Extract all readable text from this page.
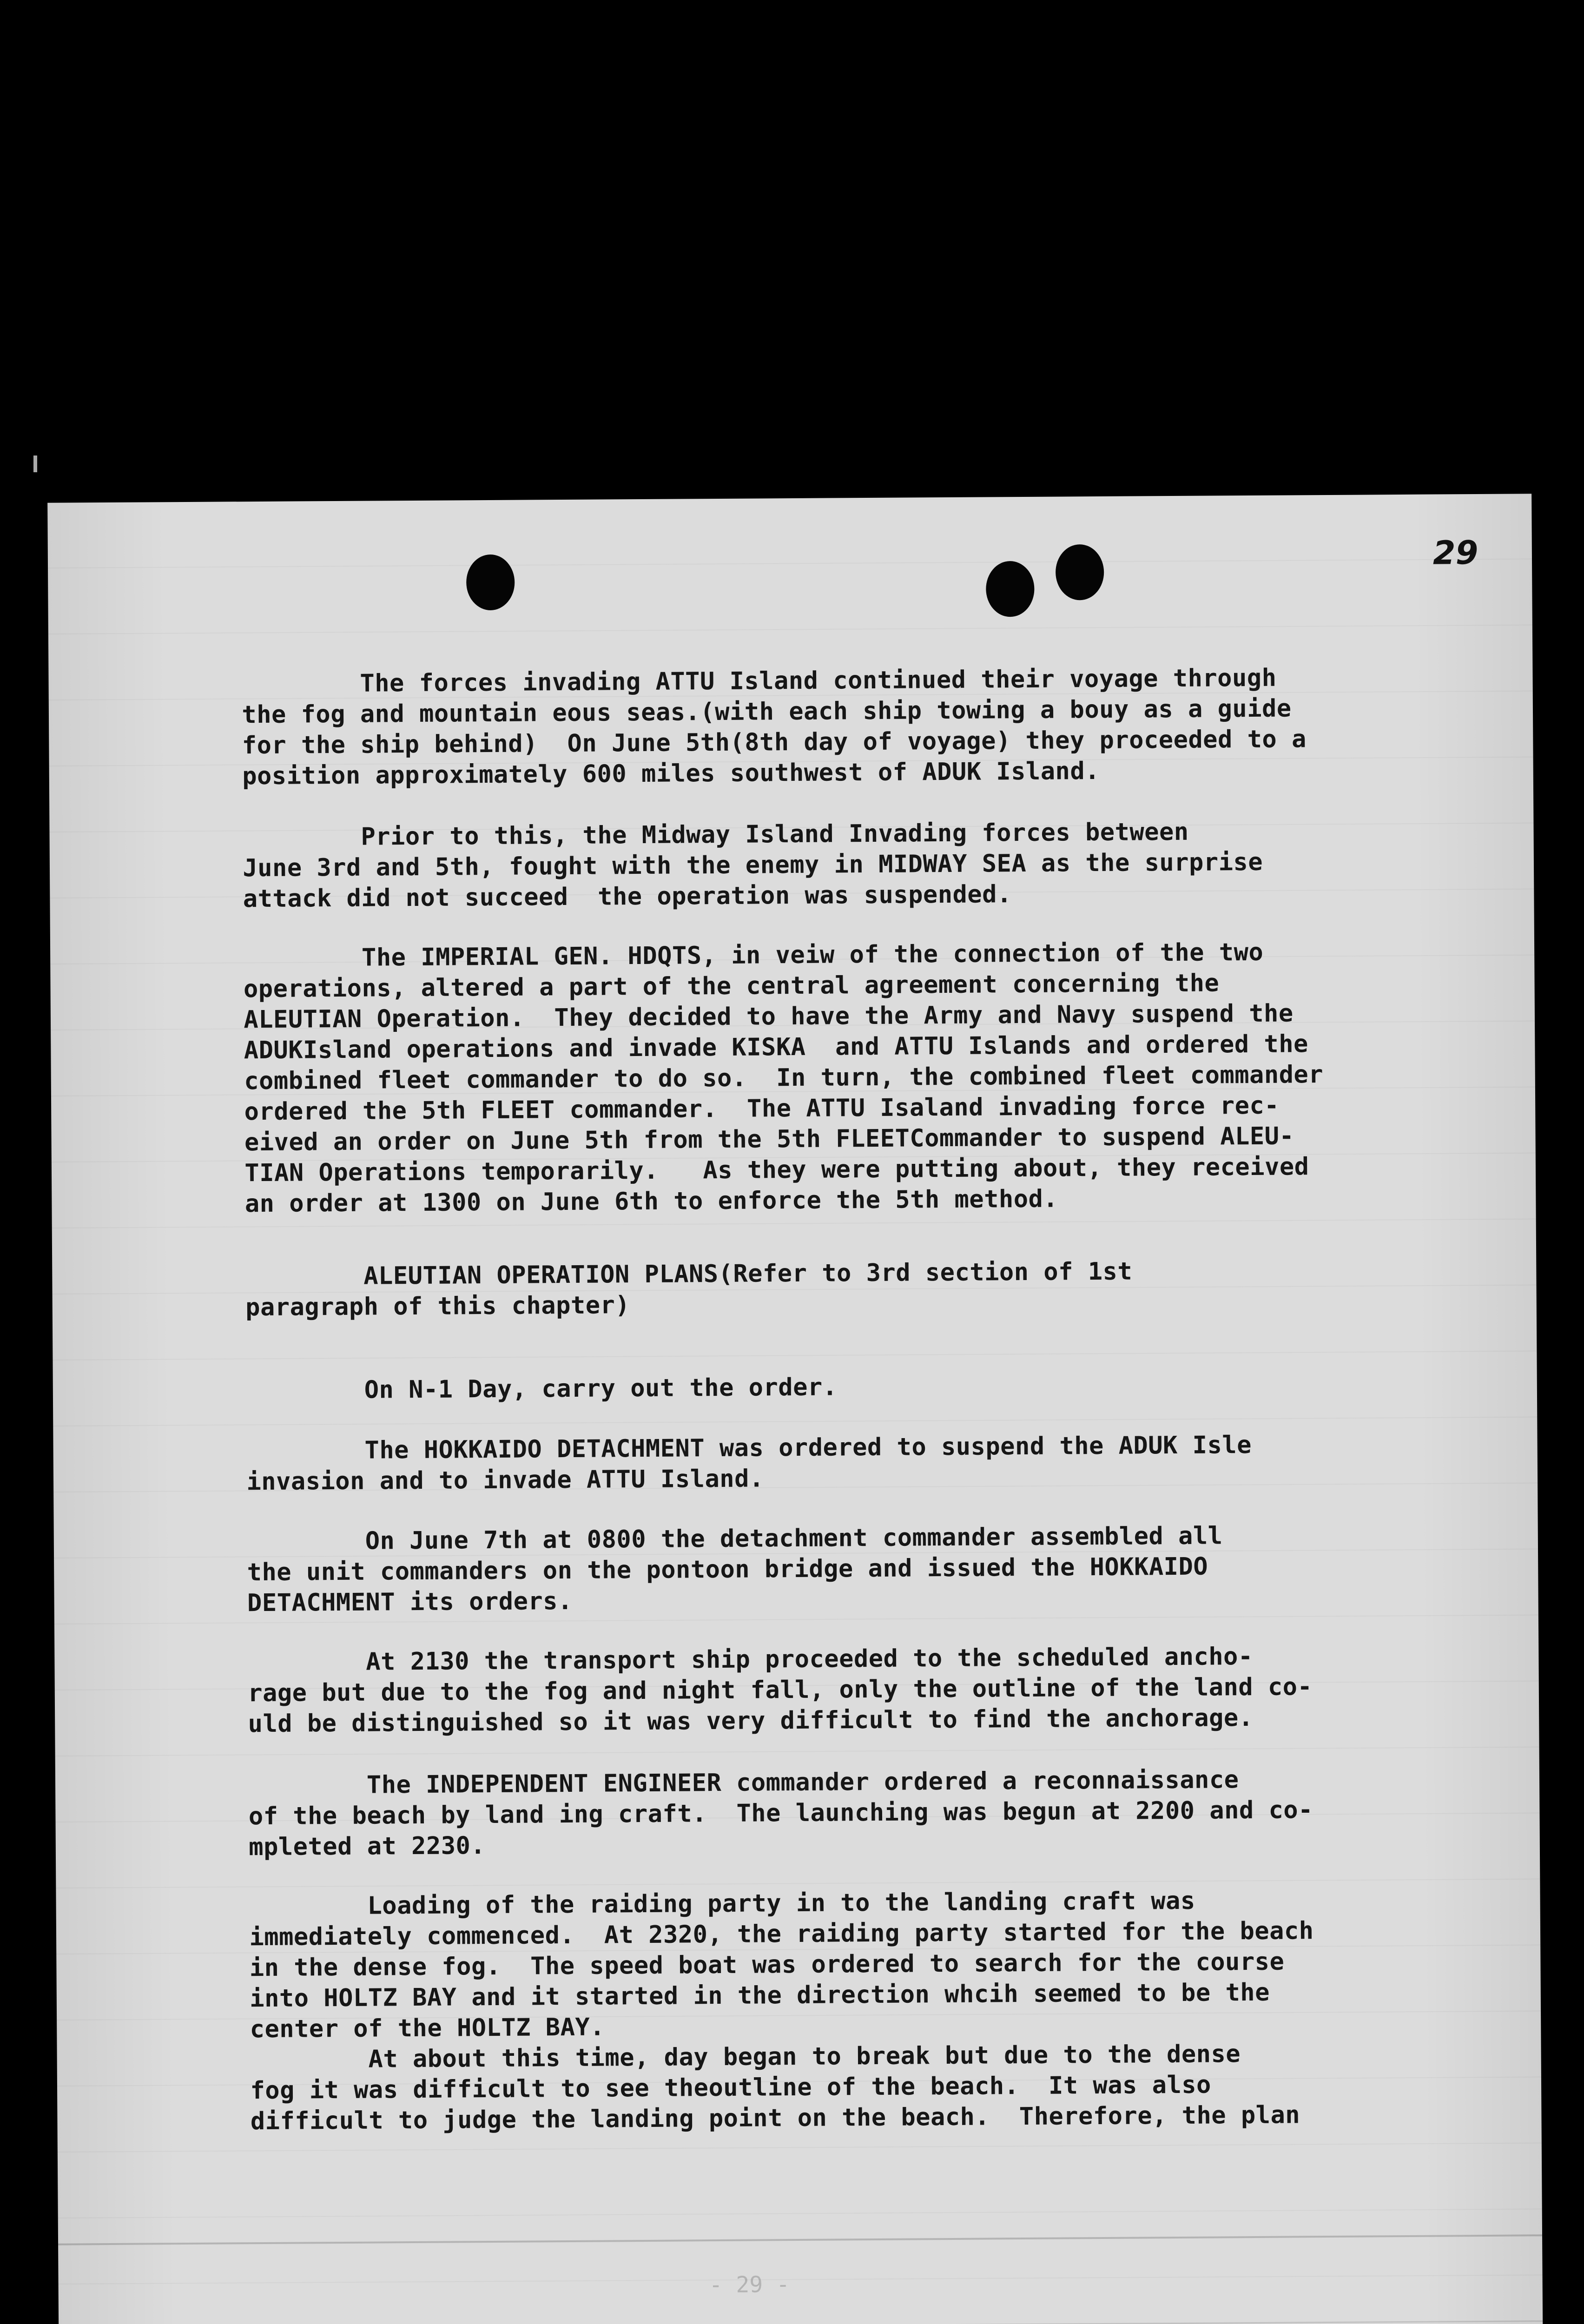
29

The forces invading ATTU Island continued their voyage through
the fog and mountain eous seas.(with each ship towing a bouy as a guide
for the ship behind)  On June 5th(8th day of voyage) they proceeded to a
position approximately 600 miles southwest of ADUK Island.

Prior to this, the Midway Island Invading forces between
June 3rd and 5th, fought with the enemy in MIDWAY SEA as the surprise
attack did not succeed  the operation was suspended.

The IMPERIAL GEN. HDQTS, in veiw of the connection of the two
operations, altered a part of the central agreement concerning the
ALEUTIAN Operation.  They decided to have the Army and Navy suspend the
ADUKIsland operations and invade KISKA  and ATTU Islands and ordered the
combined fleet commander to do so.  In turn, the combined fleet commander
ordered the 5th FLEET commander.  The ATTU Isaland invading force rec-
eived an order on June 5th from the 5th FLEETCommander to suspend ALEU-
TIAN Operations temporarily.   As they were putting about, they received
an order at 1300 on June 6th to enforce the 5th method.

ALEUTIAN OPERATION PLANS(Refer to 3rd section of 1st
paragraph of this chapter)

On N-1 Day, carry out the order.

The HOKKAIDO DETACHMENT was ordered to suspend the ADUK Isle
invasion and to invade ATTU Island.

On June 7th at 0800 the detachment commander assembled all
the unit commanders on the pontoon bridge and issued the HOKKAIDO
DETACHMENT its orders.

At 2130 the transport ship proceeded to the scheduled ancho-
rage but due to the fog and night fall, only the outline of the land co-
uld be distinguished so it was very difficult to find the anchorage.

The INDEPENDENT ENGINEER commander ordered a reconnaissance
of the beach by land ing craft.  The launching was begun at 2200 and co-
mpleted at 2230.

Loading of the raiding party in to the landing craft was
immediately commenced.  At 2320, the raiding party started for the beach
in the dense fog.  The speed boat was ordered to search for the course
into HOLTZ BAY and it started in the direction whcih seemed to be the
center of the HOLTZ BAY.

At about this time, day began to break but due to the dense
fog it was difficult to see theoutline of the beach.  It was also
difficult to judge the landing point on the beach.  Therefore, the plan

- 29 -
